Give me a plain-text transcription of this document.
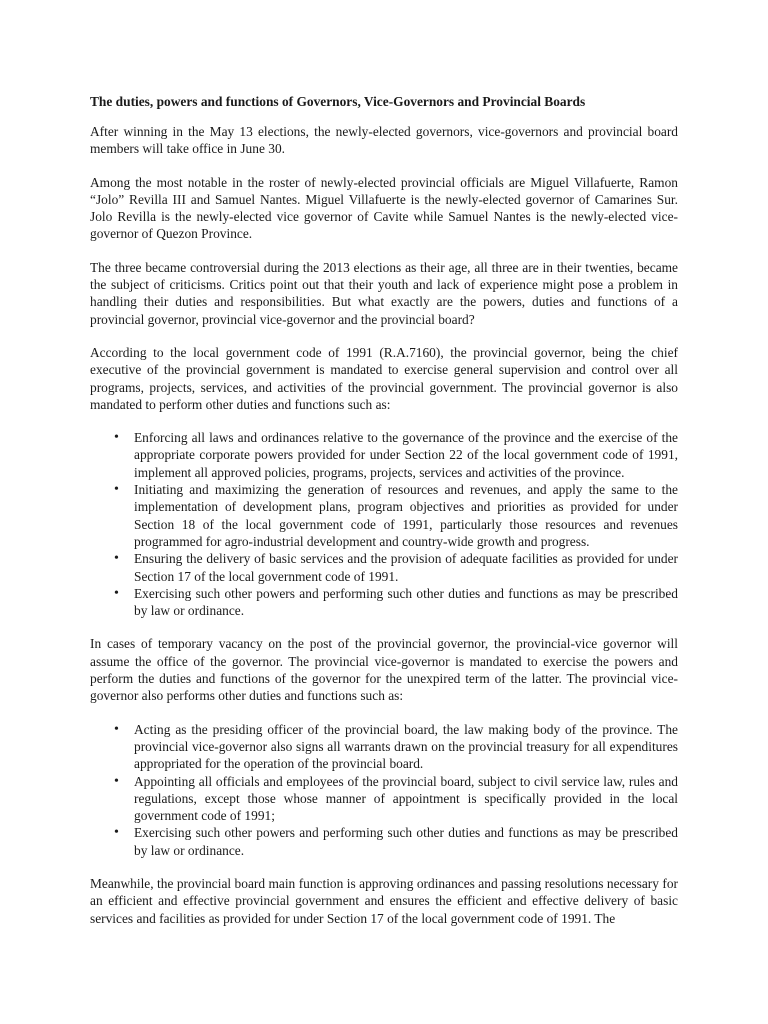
The duties, powers and functions of Governors, Vice-Governors and Provincial Boards

After winning in the May 13 elections, the newly-elected governors, vice-governors and provincial board members will take office in June 30.

Among the most notable in the roster of newly-elected provincial officials are Miguel Villafuerte, Ramon “Jolo” Revilla III and Samuel Nantes. Miguel Villafuerte is the newly-elected governor of Camarines Sur. Jolo Revilla is the newly-elected vice governor of Cavite while Samuel Nantes is the newly-elected vice-governor of Quezon Province.

The three became controversial during the 2013 elections as their age, all three are in their twenties, became the subject of criticisms. Critics point out that their youth and lack of experience might pose a problem in handling their duties and responsibilities. But what exactly are the powers, duties and functions of a provincial governor, provincial vice-governor and the provincial board?

According to the local government code of 1991 (R.A.7160), the provincial governor, being the chief executive of the provincial government is mandated to exercise general supervision and control over all programs, projects, services, and activities of the provincial government. The provincial governor is also mandated to perform other duties and functions such as:

• Enforcing all laws and ordinances relative to the governance of the province and the exercise of the appropriate corporate powers provided for under Section 22 of the local government code of 1991, implement all approved policies, programs, projects, services and activities of the province.
• Initiating and maximizing the generation of resources and revenues, and apply the same to the implementation of development plans, program objectives and priorities as provided for under Section 18 of the local government code of 1991, particularly those resources and revenues programmed for agro-industrial development and country-wide growth and progress.
• Ensuring the delivery of basic services and the provision of adequate facilities as provided for under Section 17 of the local government code of 1991.
• Exercising such other powers and performing such other duties and functions as may be prescribed by law or ordinance.

In cases of temporary vacancy on the post of the provincial governor, the provincial-vice governor will assume the office of the governor. The provincial vice-governor is mandated to exercise the powers and perform the duties and functions of the governor for the unexpired term of the latter. The provincial vice-governor also performs other duties and functions such as:

• Acting as the presiding officer of the provincial board, the law making body of the province. The provincial vice-governor also signs all warrants drawn on the provincial treasury for all expenditures appropriated for the operation of the provincial board.
• Appointing all officials and employees of the provincial board, subject to civil service law, rules and regulations, except those whose manner of appointment is specifically provided in the local government code of 1991;
• Exercising such other powers and performing such other duties and functions as may be prescribed by law or ordinance.

Meanwhile, the provincial board main function is approving ordinances and passing resolutions necessary for an efficient and effective provincial government and ensures the efficient and effective delivery of basic services and facilities as provided for under Section 17 of the local government code of 1991. The
